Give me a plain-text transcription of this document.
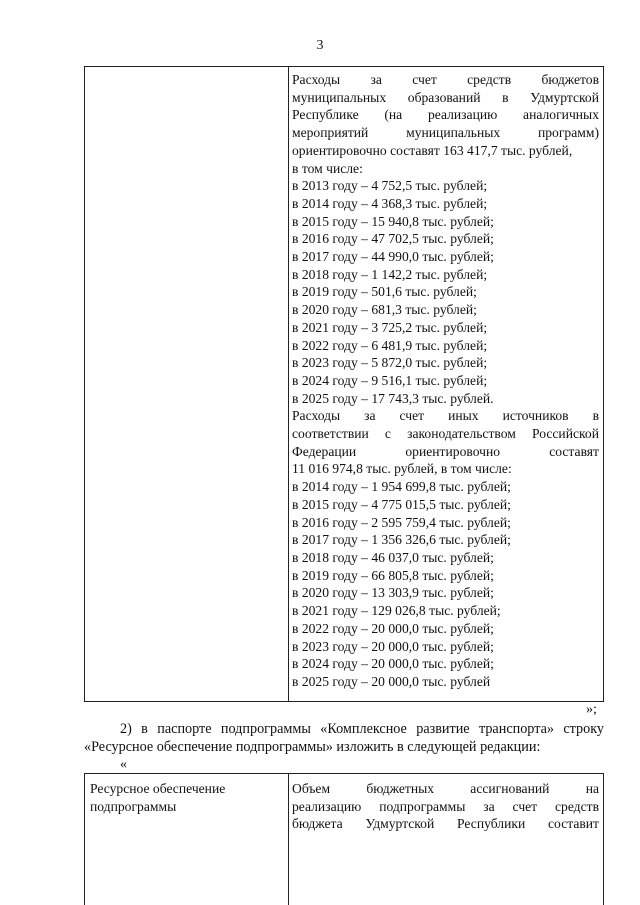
3
Расходы за счет средств бюджетов
муниципальных образований в Удмуртской
Республике (на реализацию аналогичных
мероприятий муниципальных программ)
ориентировочно составят 163 417,7 тыс. рублей,
в том числе:
в 2013 году – 4 752,5 тыс. рублей;
в 2014 году – 4 368,3 тыс. рублей;
в 2015 году – 15 940,8 тыс. рублей;
в 2016 году – 47 702,5 тыс. рублей;
в 2017 году – 44 990,0 тыс. рублей;
в 2018 году – 1 142,2 тыс. рублей;
в 2019 году – 501,6 тыс. рублей;
в 2020 году – 681,3 тыс. рублей;
в 2021 году – 3 725,2 тыс. рублей;
в 2022 году – 6 481,9 тыс. рублей;
в 2023 году – 5 872,0 тыс. рублей;
в 2024 году – 9 516,1 тыс. рублей;
в 2025 году – 17 743,3 тыс. рублей.
Расходы за счет иных источников в
соответствии с законодательством Российской
Федерации ориентировочно составят
11 016 974,8 тыс. рублей, в том числе:
в 2014 году – 1 954 699,8 тыс. рублей;
в 2015 году – 4 775 015,5 тыс. рублей;
в 2016 году – 2 595 759,4 тыс. рублей;
в 2017 году – 1 356 326,6 тыс. рублей;
в 2018 году – 46 037,0 тыс. рублей;
в 2019 году – 66 805,8 тыс. рублей;
в 2020 году – 13 303,9 тыс. рублей;
в 2021 году – 129 026,8 тыс. рублей;
в 2022 году – 20 000,0 тыс. рублей;
в 2023 году – 20 000,0 тыс. рублей;
в 2024 году – 20 000,0 тыс. рублей;
в 2025 году – 20 000,0 тыс. рублей
»;
2) в паспорте подпрограммы «Комплексное развитие транспорта» строку
«Ресурсное обеспечение подпрограммы» изложить в следующей редакции:
«
Ресурсное обеспечение
подпрограммы
Объем бюджетных ассигнований на
реализацию подпрограммы за счет средств
бюджета Удмуртской Республики составит
